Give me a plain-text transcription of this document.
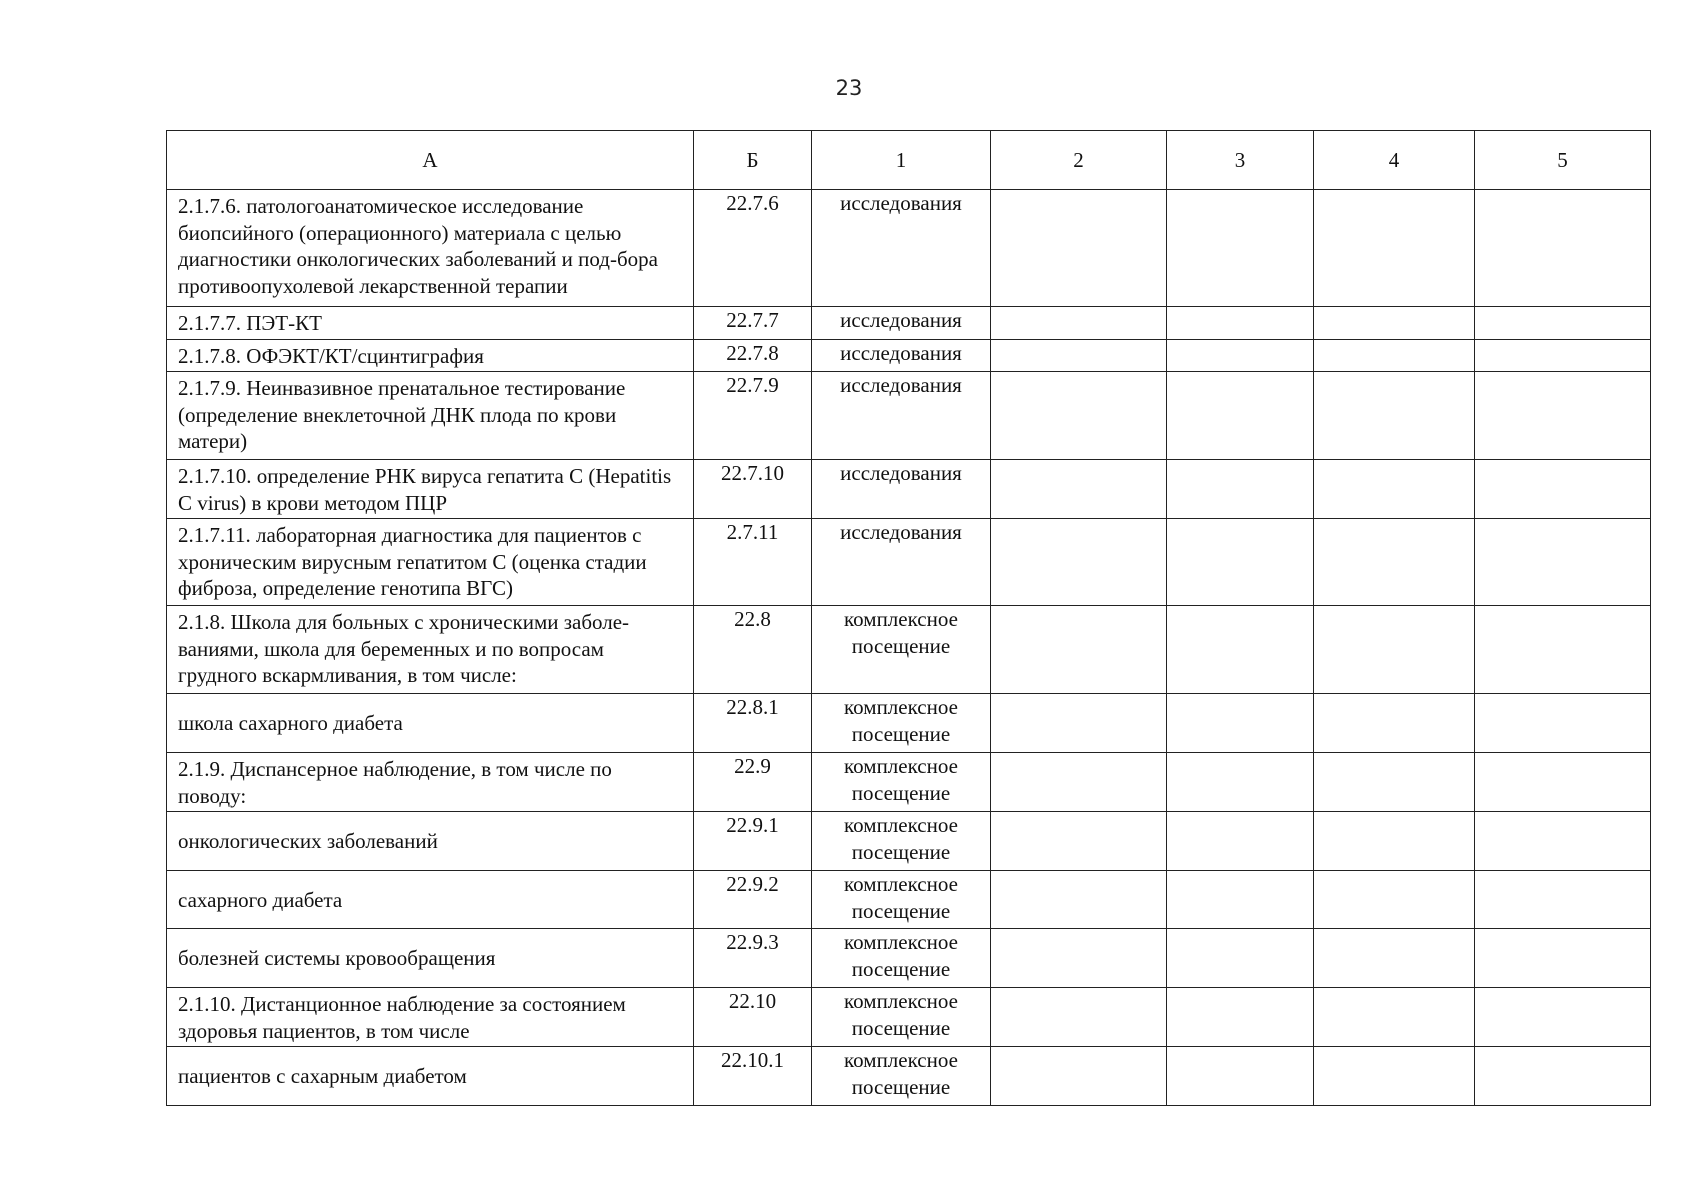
23
А	Б	1	2	3	4	5
2.1.7.6. патологоанатомическое исследование биопсийного (операционного) материала с целью диагностики онкологических заболеваний и под-бора противоопухолевой лекарственной терапии	22.7.6	исследования				
2.1.7.7. ПЭТ-КТ	22.7.7	исследования				
2.1.7.8. ОФЭКТ/КТ/сцинтиграфия	22.7.8	исследования				
2.1.7.9. Неинвазивное пренатальное тестирование (определение внеклеточной ДНК плода по крови матери)	22.7.9	исследования				
2.1.7.10. определение РНК вируса гепатита С (Hepatitis C virus) в крови методом ПЦР	22.7.10	исследования				
2.1.7.11. лабораторная диагностика для пациентов с хроническим вирусным гепатитом С (оценка стадии фиброза, определение генотипа ВГС)	2.7.11	исследования				
2.1.8. Школа для больных с хроническими заболе-ваниями, школа для беременных и по вопросам грудного вскармливания, в том числе:	22.8	комплексное посещение				
школа сахарного диабета	22.8.1	комплексное посещение				
2.1.9. Диспансерное наблюдение, в том числе по поводу:	22.9	комплексное посещение				
онкологических заболеваний	22.9.1	комплексное посещение				
сахарного диабета	22.9.2	комплексное посещение				
болезней системы кровообращения	22.9.3	комплексное посещение				
2.1.10. Дистанционное наблюдение за состоянием здоровья пациентов, в том числе	22.10	комплексное посещение				
пациентов с сахарным диабетом	22.10.1	комплексное посещение				
